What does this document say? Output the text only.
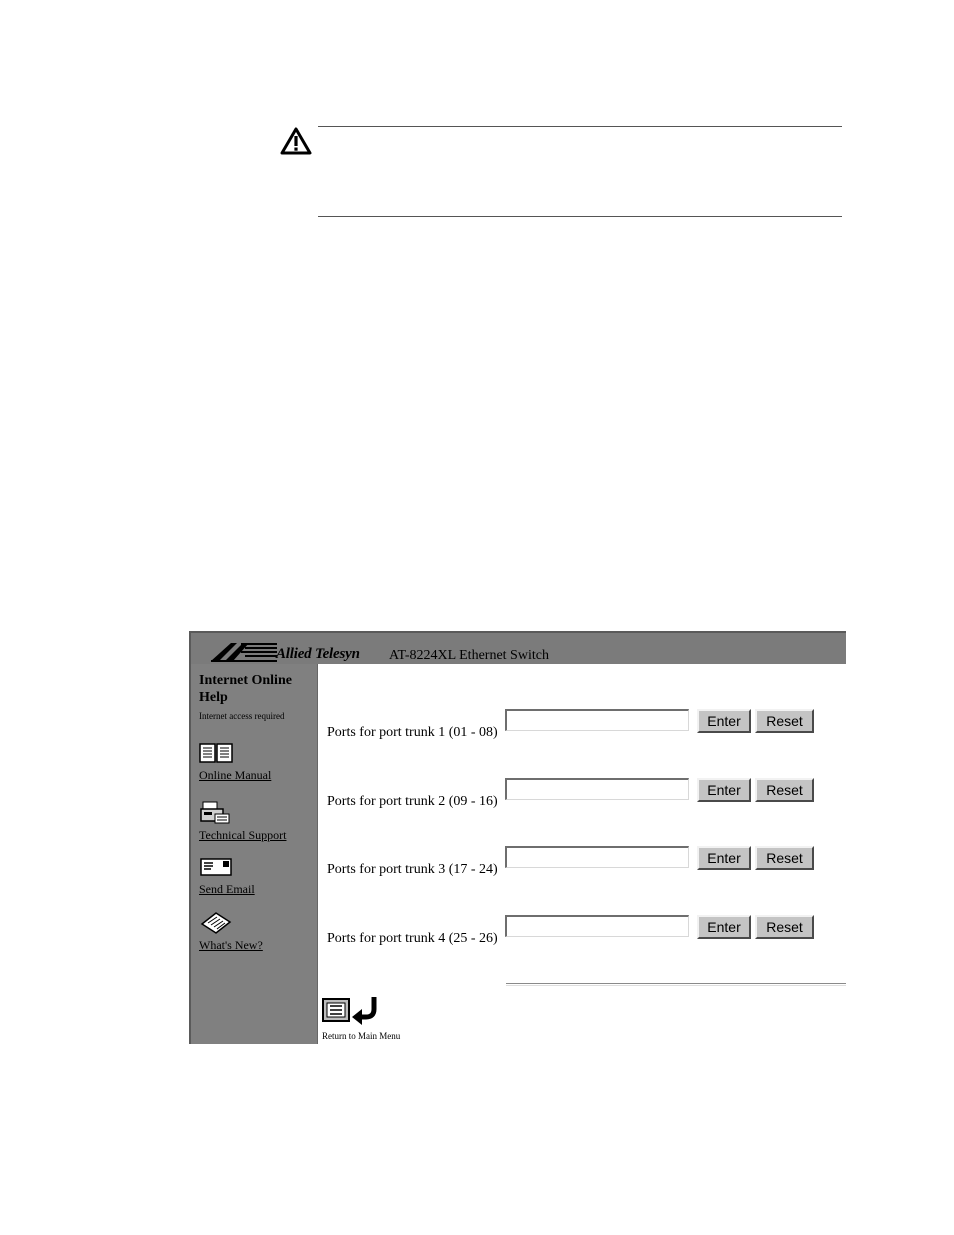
Allied Telesyn AT-8224XL Ethernet Switch
Internet Online Help
Internet access required
Online Manual
Technical Support
Send Email
What's New?
Ports for port trunk 1 (01 - 08)
Enter	Reset
Ports for port trunk 2 (09 - 16)
Enter	Reset
Ports for port trunk 3 (17 - 24)
Enter	Reset
Ports for port trunk 4 (25 - 26)
Enter	Reset
Return to Main Menu
